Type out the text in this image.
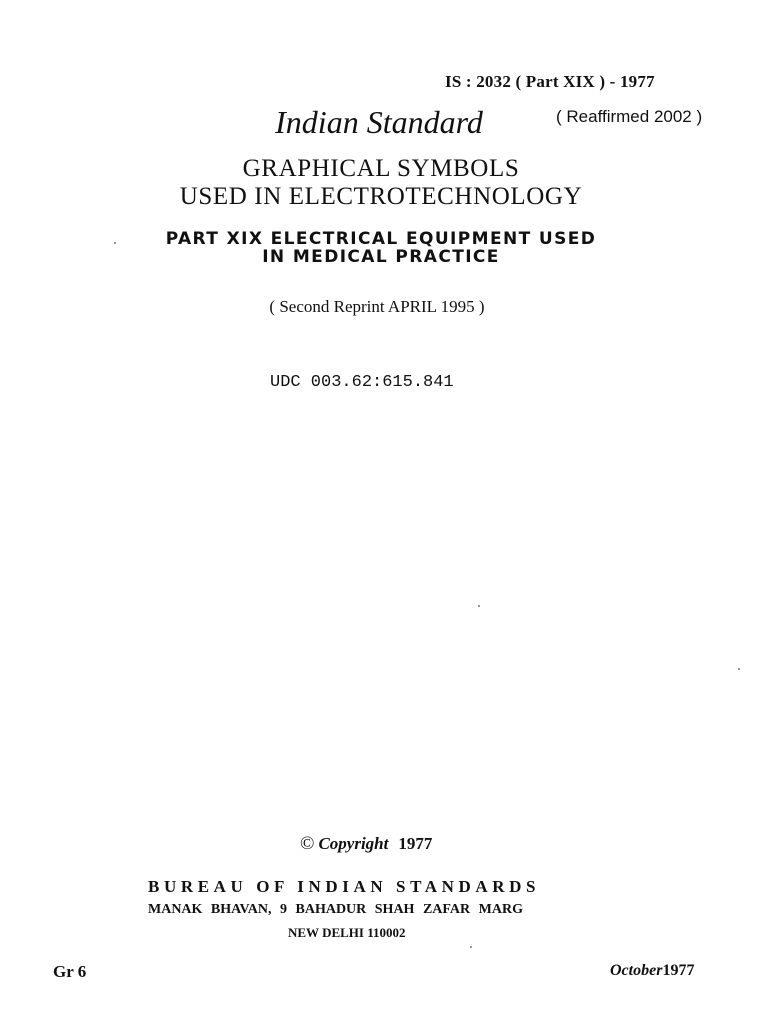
IS : 2032 ( Part XIX ) - 1977
Indian Standard	( Reaffirmed 2002 )
GRAPHICAL SYMBOLS
USED IN ELECTROTECHNOLOGY
PART XIX ELECTRICAL EQUIPMENT USED
IN MEDICAL PRACTICE
( Second Reprint APRIL 1995 )
UDC 003.62:615.841
© Copyright 1977
BUREAU OF INDIAN STANDARDS
MANAK BHAVAN, 9 BAHADUR SHAH ZAFAR MARG
NEW DELHI 110002
Gr 6	October1977
